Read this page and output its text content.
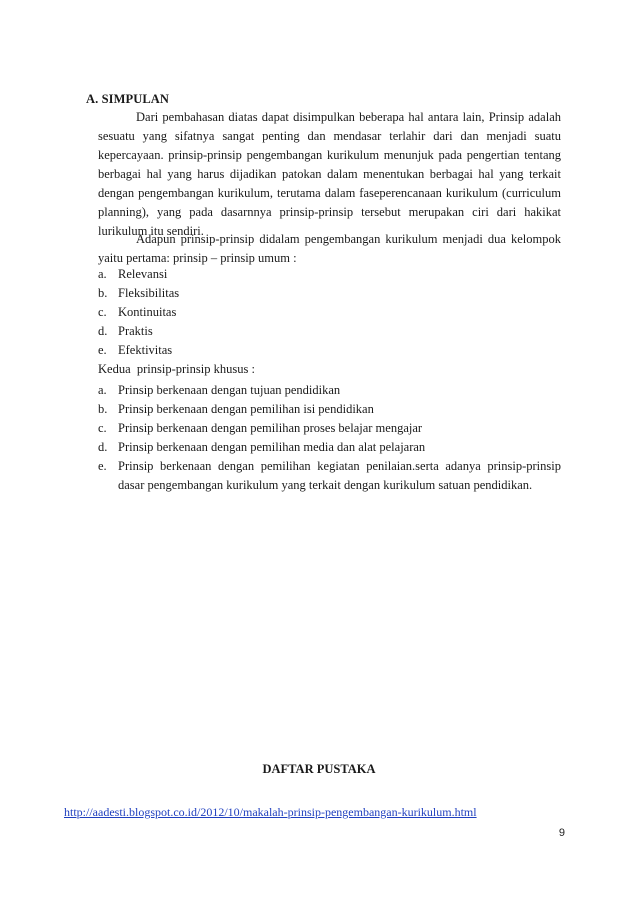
A. SIMPULAN
Dari pembahasan diatas dapat disimpulkan beberapa hal antara lain, Prinsip adalah sesuatu yang sifatnya sangat penting dan mendasar terlahir dari dan menjadi suatu kepercayaan. prinsip-prinsip pengembangan kurikulum menunjuk pada pengertian tentang berbagai hal yang harus dijadikan patokan dalam menentukan berbagai hal yang terkait dengan pengembangan kurikulum, terutama dalam faseperencanaan kurikulum (curriculum planning), yang pada dasarnnya prinsip-prinsip tersebut merupakan ciri dari hakikat lurikulum itu sendiri.
Adapun prinsip-prinsip didalam pengembangan kurikulum menjadi dua kelompok yaitu pertama: prinsip – prinsip umum :
a. Relevansi
b. Fleksibilitas
c. Kontinuitas
d. Praktis
e. Efektivitas
Kedua  prinsip-prinsip khusus :
a. Prinsip berkenaan dengan tujuan pendidikan
b. Prinsip berkenaan dengan pemilihan isi pendidikan
c. Prinsip berkenaan dengan pemilihan proses belajar mengajar
d. Prinsip berkenaan dengan pemilihan media dan alat pelajaran
e. Prinsip berkenaan dengan pemilihan kegiatan penilaian.serta adanya prinsip-prinsip dasar pengembangan kurikulum yang terkait dengan kurikulum satuan pendidikan.
DAFTAR PUSTAKA
http://aadesti.blogspot.co.id/2012/10/makalah-prinsip-pengembangan-kurikulum.html
9
